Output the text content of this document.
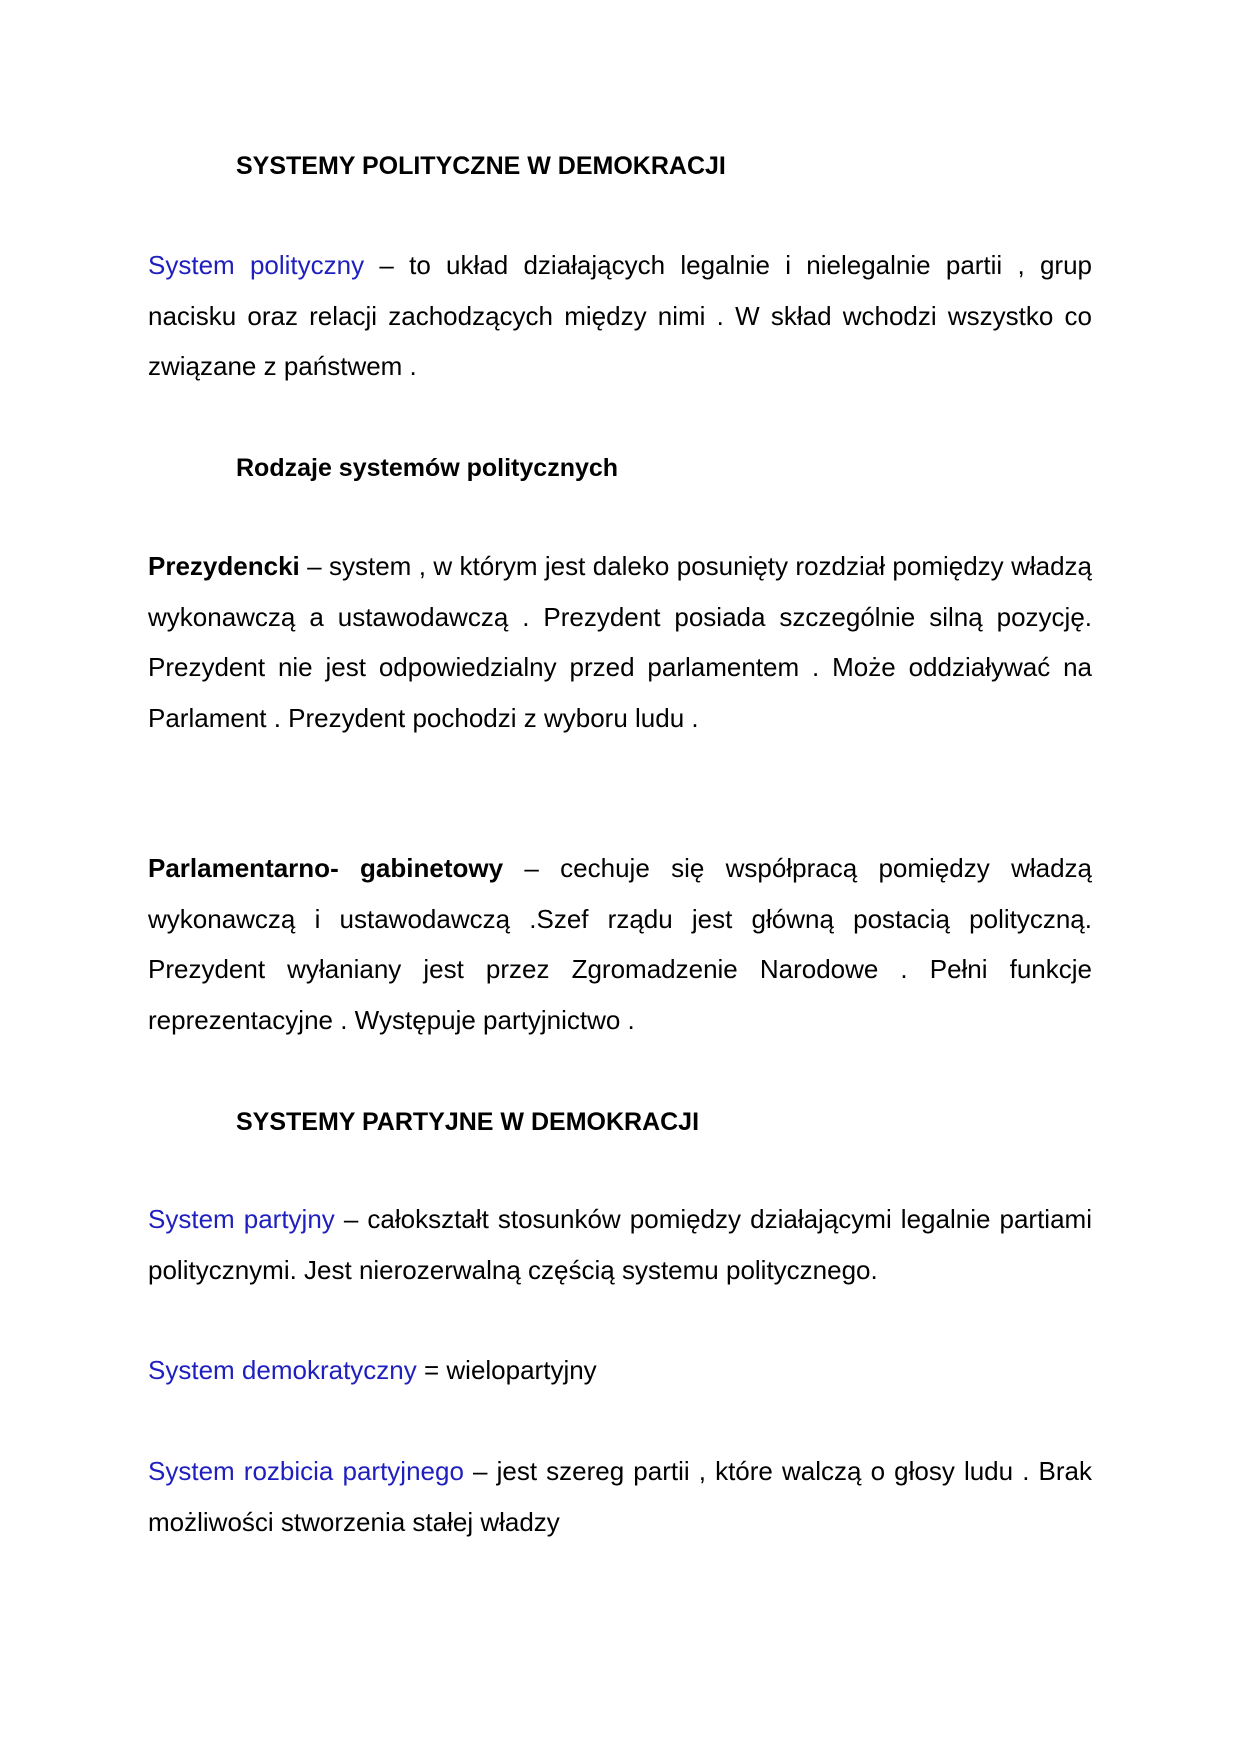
SYSTEMY POLITYCZNE W DEMOKRACJI

System polityczny – to układ działających legalnie i nielegalnie partii , grup nacisku oraz relacji zachodzących między nimi . W skład wchodzi wszystko co związane z państwem .

Rodzaje systemów politycznych

Prezydencki – system , w którym jest daleko posunięty rozdział pomiędzy władzą wykonawczą a ustawodawczą . Prezydent posiada szczególnie silną pozycję. Prezydent nie jest odpowiedzialny przed parlamentem . Może oddziaływać na Parlament . Prezydent pochodzi z wyboru ludu .

Parlamentarno- gabinetowy – cechuje się współpracą pomiędzy władzą wykonawczą i ustawodawczą .Szef rządu jest główną postacią polityczną. Prezydent wyłaniany jest przez Zgromadzenie Narodowe . Pełni funkcje reprezentacyjne . Występuje partyjnictwo .

SYSTEMY PARTYJNE W DEMOKRACJI

System partyjny – całokształt stosunków pomiędzy działającymi legalnie partiami politycznymi. Jest nierozerwalną częścią systemu politycznego.

System demokratyczny = wielopartyjny

System rozbicia partyjnego – jest szereg partii , które walczą o głosy ludu . Brak możliwości stworzenia stałej władzy
